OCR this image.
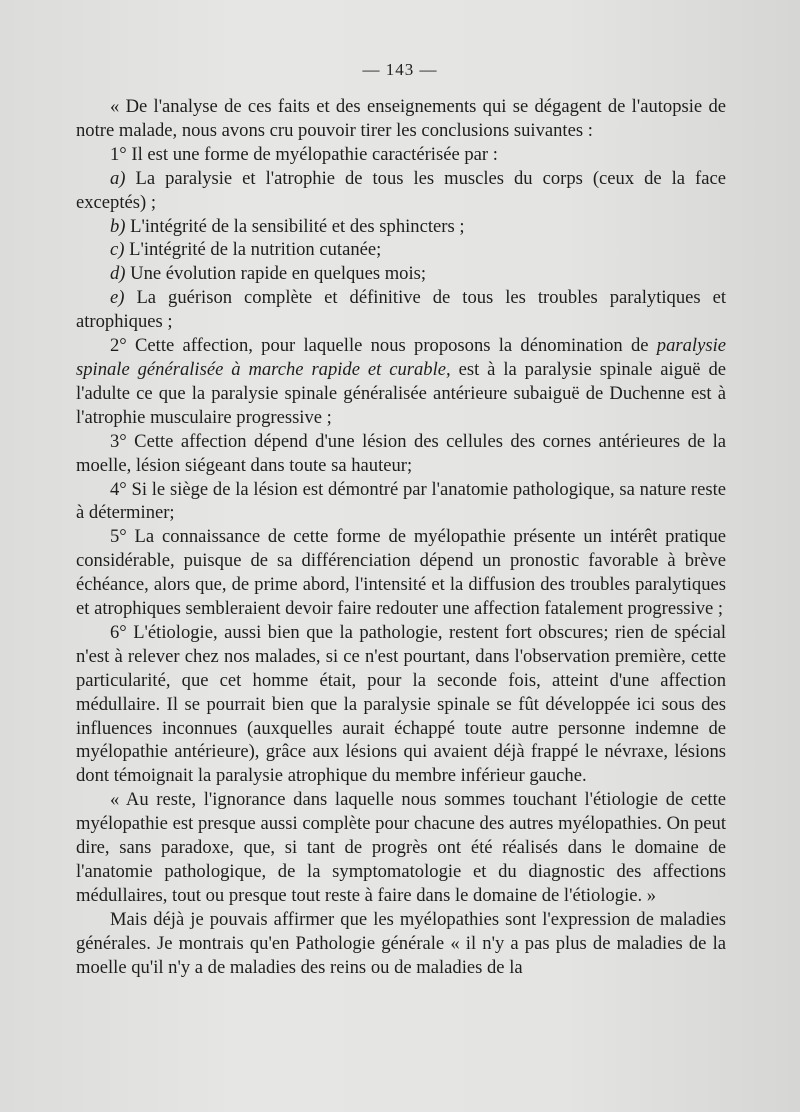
— 143 —

« De l'analyse de ces faits et des enseignements qui se dégagent de l'autopsie de notre malade, nous avons cru pouvoir tirer les conclusions suivantes :

1° Il est une forme de myélopathie caractérisée par :

a) La paralysie et l'atrophie de tous les muscles du corps (ceux de la face exceptés) ;

b) L'intégrité de la sensibilité et des sphincters ;

c) L'intégrité de la nutrition cutanée;

d) Une évolution rapide en quelques mois;

e) La guérison complète et définitive de tous les troubles paralytiques et atrophiques ;

2° Cette affection, pour laquelle nous proposons la dénomination de paralysie spinale généralisée à marche rapide et curable, est à la paralysie spinale aiguë de l'adulte ce que la paralysie spinale généralisée antérieure subaiguë de Duchenne est à l'atrophie musculaire progressive ;

3° Cette affection dépend d'une lésion des cellules des cornes antérieures de la moelle, lésion siégeant dans toute sa hauteur;

4° Si le siège de la lésion est démontré par l'anatomie pathologique, sa nature reste à déterminer;

5° La connaissance de cette forme de myélopathie présente un intérêt pratique considérable, puisque de sa différenciation dépend un pronostic favorable à brève échéance, alors que, de prime abord, l'intensité et la diffusion des troubles paralytiques et atrophiques sembleraient devoir faire redouter une affection fatalement progressive ;

6° L'étiologie, aussi bien que la pathologie, restent fort obscures; rien de spécial n'est à relever chez nos malades, si ce n'est pourtant, dans l'observation première, cette particularité, que cet homme était, pour la seconde fois, atteint d'une affection médullaire. Il se pourrait bien que la paralysie spinale se fût développée ici sous des influences inconnues (auxquelles aurait échappé toute autre personne indemne de myélopathie antérieure), grâce aux lésions qui avaient déjà frappé le névraxe, lésions dont témoignait la paralysie atrophique du membre inférieur gauche.

« Au reste, l'ignorance dans laquelle nous sommes touchant l'étiologie de cette myélopathie est presque aussi complète pour chacune des autres myélopathies. On peut dire, sans paradoxe, que, si tant de progrès ont été réalisés dans le domaine de l'anatomie pathologique, de la symptomatologie et du diagnostic des affections médullaires, tout ou presque tout reste à faire dans le domaine de l'étiologie. »

Mais déjà je pouvais affirmer que les myélopathies sont l'expression de maladies générales. Je montrais qu'en Pathologie générale « il n'y a pas plus de maladies de la moelle qu'il n'y a de maladies des reins ou de maladies de la
